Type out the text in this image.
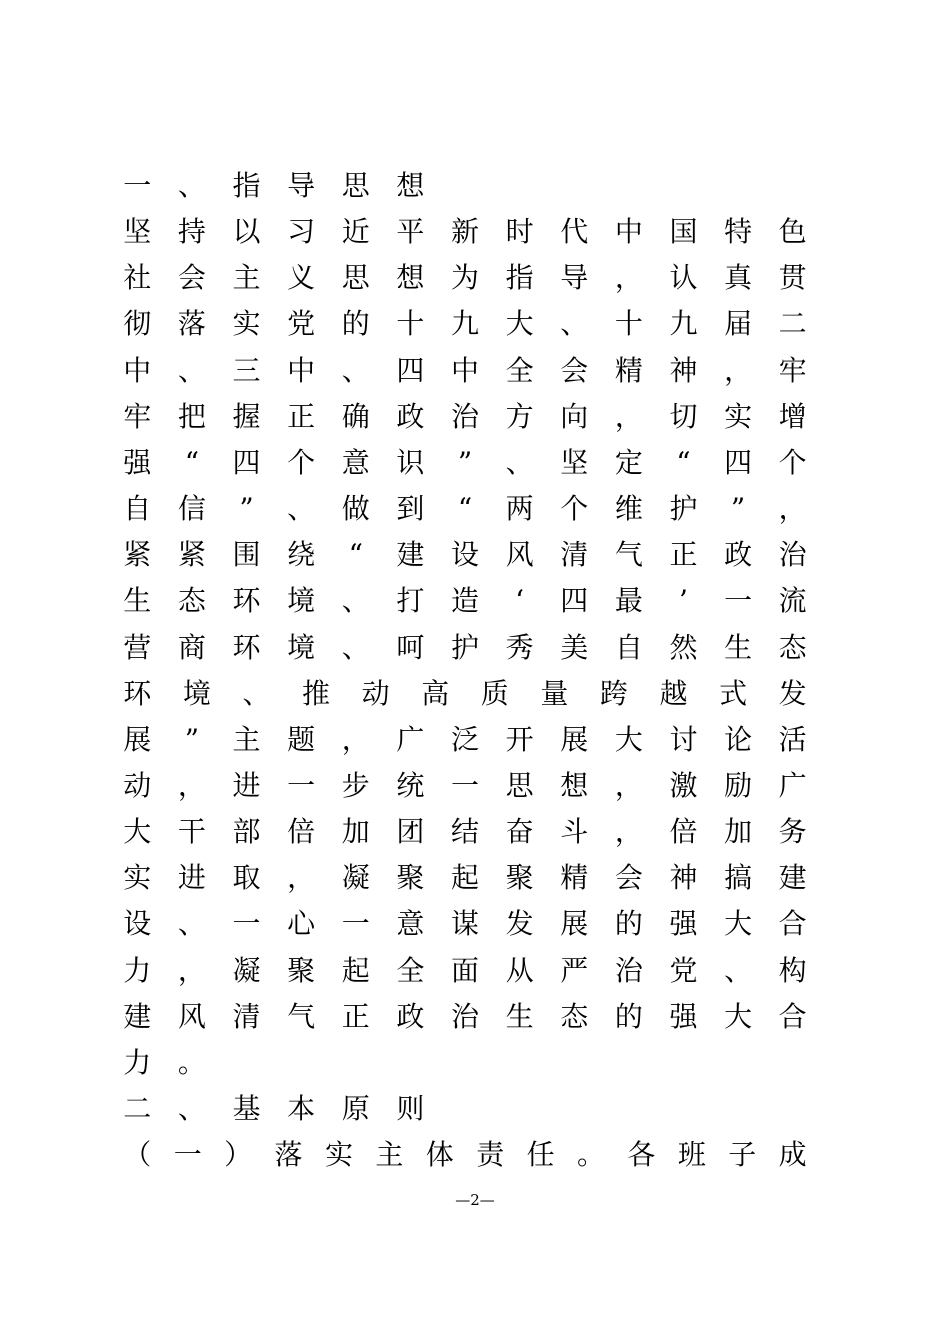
一 、 指 导 思 想
坚 持 以 习 近 平 新 时 代 中 国 特 色
社 会 主 义 思 想 为 指 导 ， 认 真 贯
彻 落 实 党 的 十 九 大 、 十 九 届 二
中 、 三 中 、 四 中 全 会 精 神 ， 牢
牢 把 握 正 确 政 治 方 向 ， 切 实 增
强	“	四 个 意 识	”	、 坚 定	“	四 个
自 信	”	、 做 到	“	两 个 维 护	”	，
紧 紧 围 绕	“	建 设 风 清 气 正 政 治
生 态 环 境 、 打 造	‘	四 最	’	一 流
营 商 环 境 、 呵 护 秀 美 自 然 生 态
环	境	、	推	动	高	质	量	跨	越	式	发
展	”	主 题 ， 广 泛 开 展 大 讨 论 活
动 ， 进 一 步 统 一 思 想 ， 激 励 广
大 干 部 倍 加 团 结 奋 斗 ， 倍 加 务
实 进 取 ， 凝 聚 起 聚 精 会 神 搞 建
设 、 一 心 一 意 谋 发 展 的 强 大 合
力 ， 凝 聚 起 全 面 从 严 治 党 、 构
建 风 清 气 正 政 治 生 态 的 强 大 合
力 。
二 、 基 本 原 则
（ 一 ） 落 实 主 体 责 任 。 各 班 子 成
—2—
